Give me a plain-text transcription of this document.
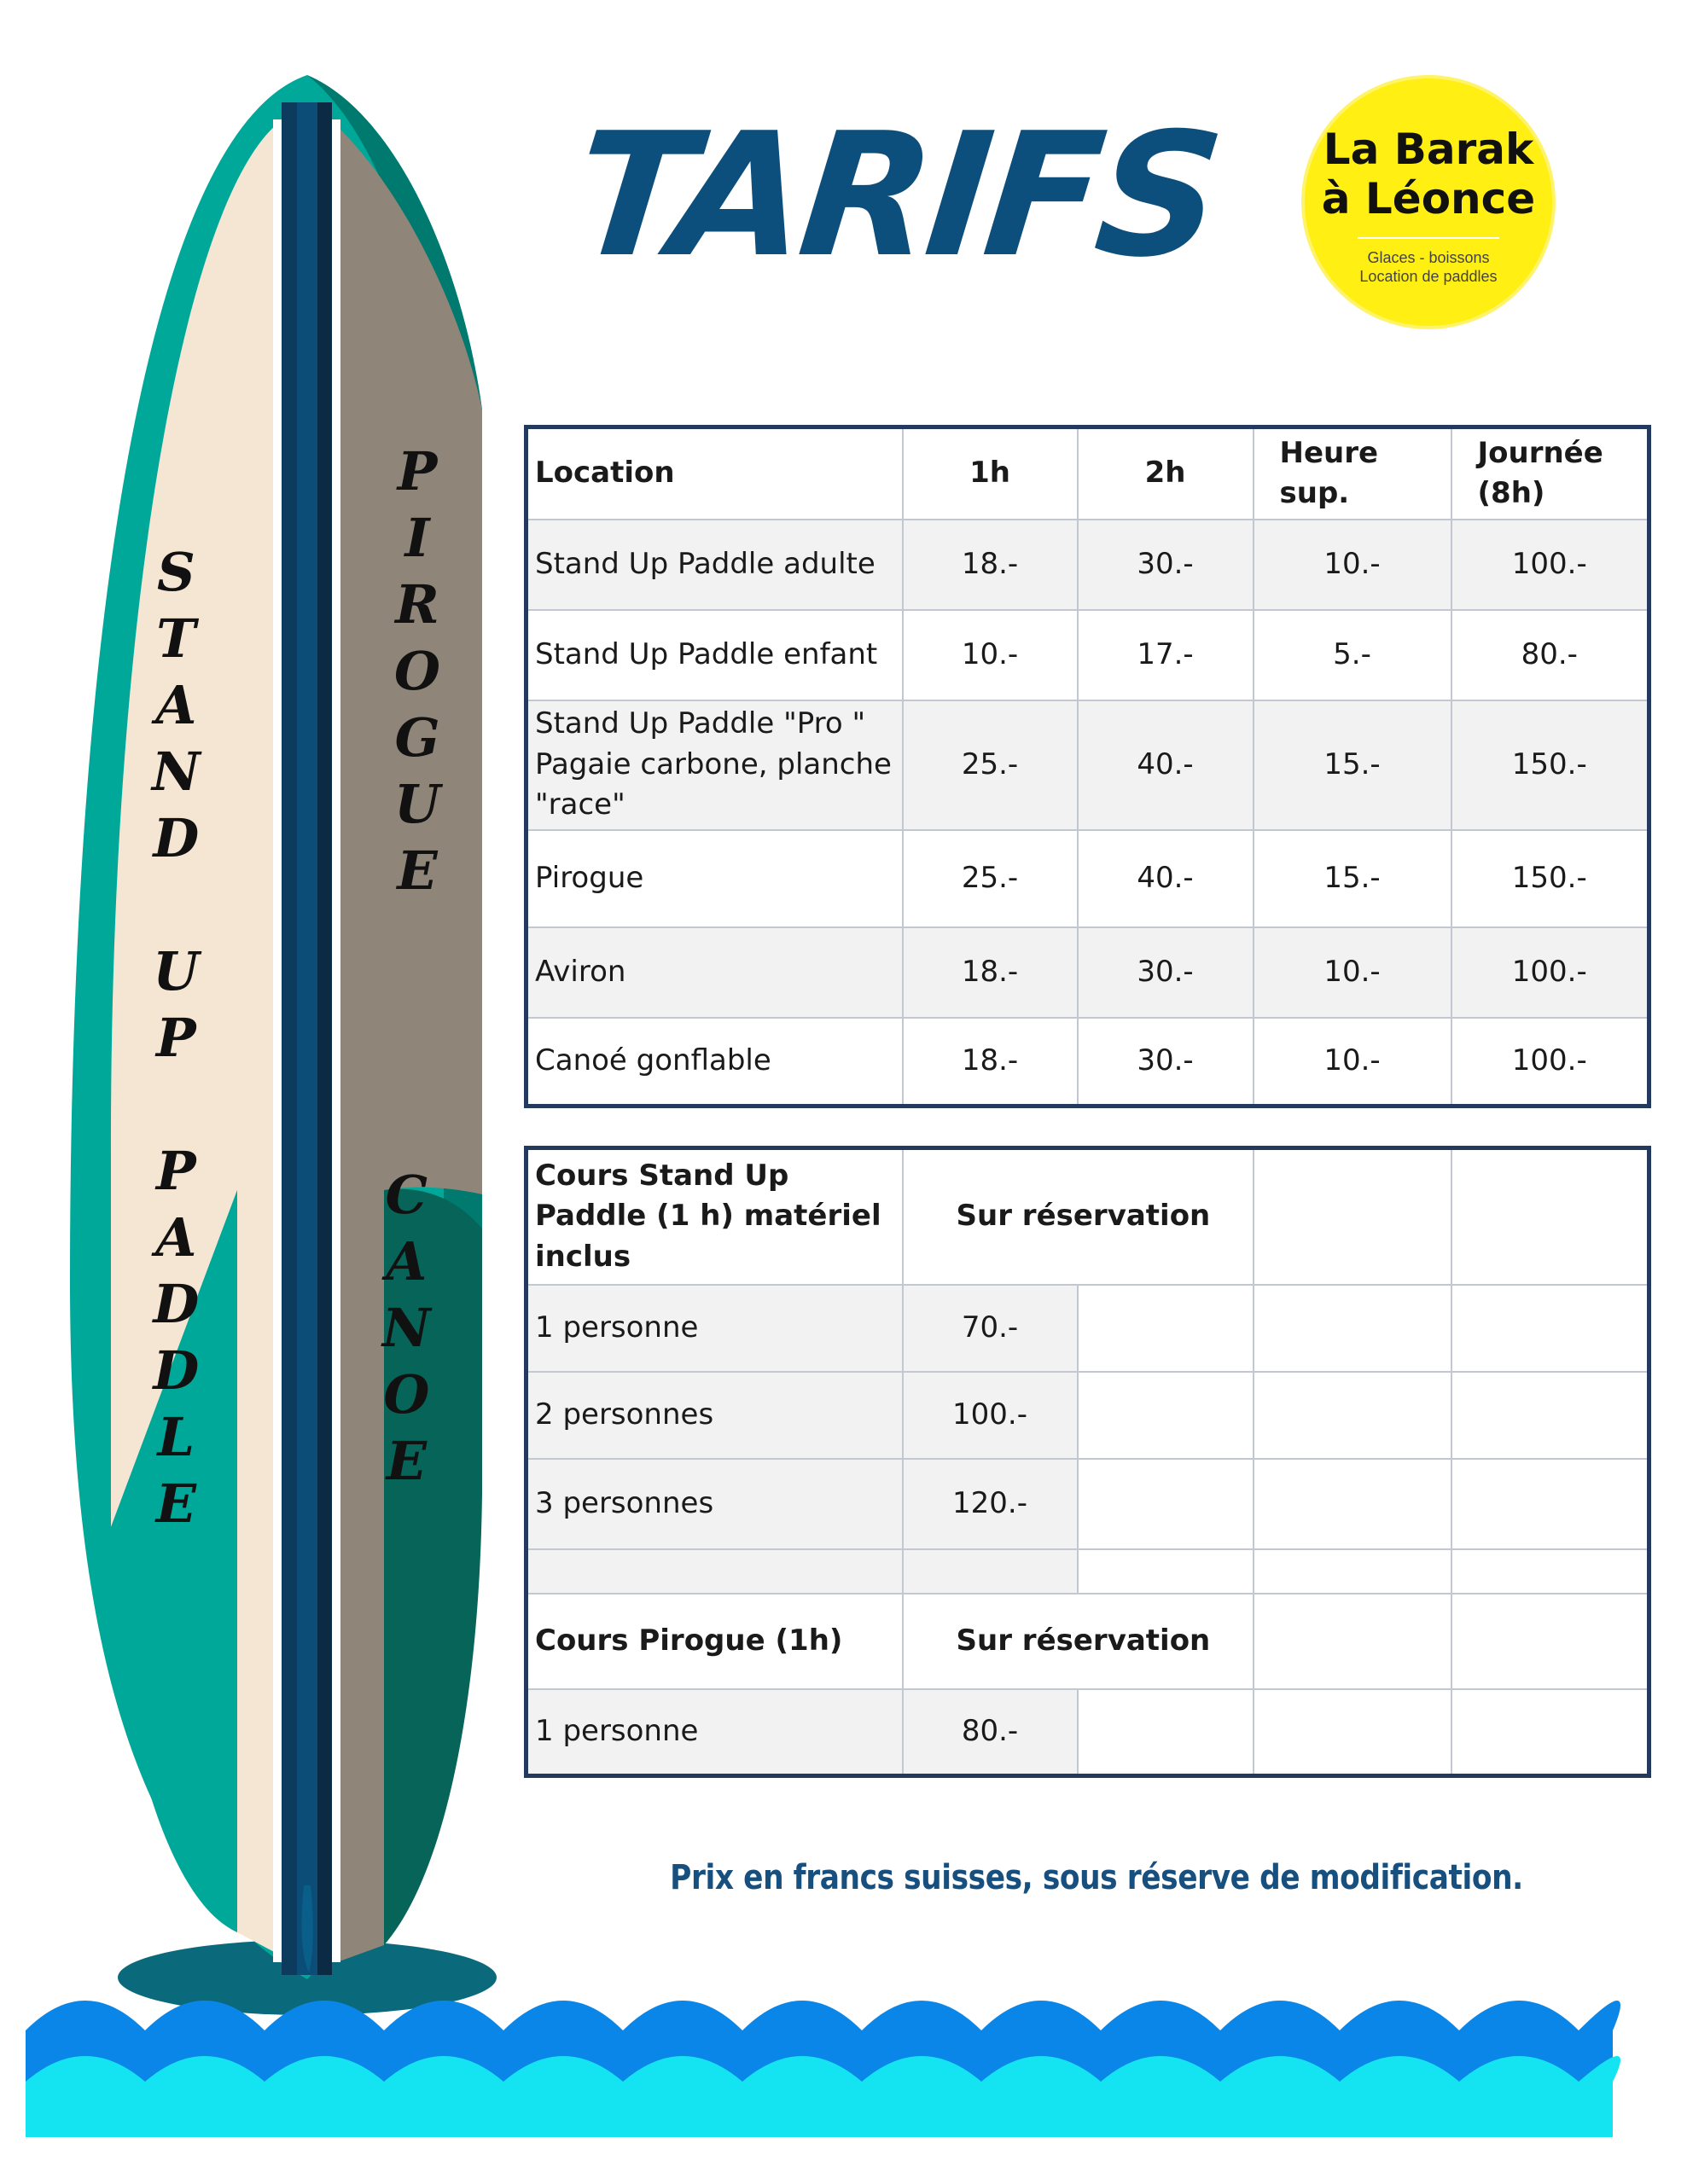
S
T
A
N
D
U
P
P
A
D
D
L
E
P
I
R
O
G
U
E
C
A
N
O
E
TARIFS	La Barak
à Léonce
Glaces - boissons
Location de paddles
Location	1h	2h	Heure sup.	Journée (8h)
Stand Up Paddle adulte	18.-	30.-	10.-	100.-
Stand Up Paddle enfant	10.-	17.-	5.-	80.-
Stand Up Paddle "Pro " Pagaie carbone, planche "race"	25.-	40.-	15.-	150.-
Pirogue	25.-	40.-	15.-	150.-
Aviron	18.-	30.-	10.-	100.-
Canoé gonflable	18.-	30.-	10.-	100.-
Cours Stand Up Paddle (1 h) matériel inclus	Sur réservation			
1 personne	70.-			
2 personnes	100.-			
3 personnes	120.-			

Cours Pirogue (1h)	Sur réservation			
1 personne	80.-			
Prix en francs suisses, sous réserve de modification.
